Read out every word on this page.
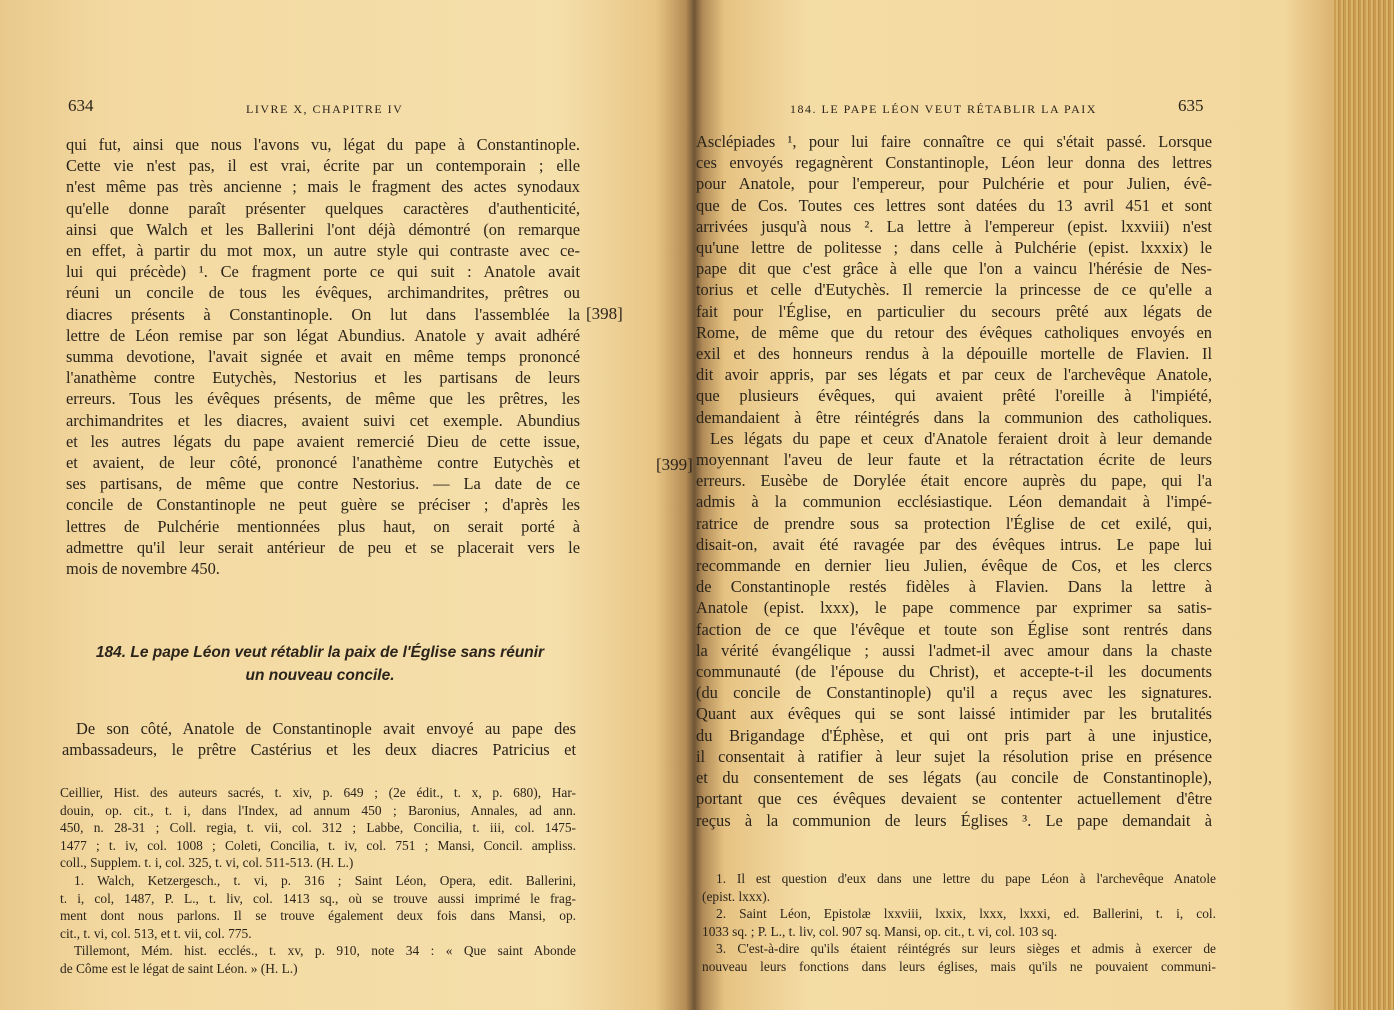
634	LIVRE X, CHAPITRE IV
qui fut, ainsi que nous l'avons vu, légat du pape à Constantinople.
Cette vie n'est pas, il est vrai, écrite par un contemporain ; elle
n'est même pas très ancienne ; mais le fragment des actes synodaux
qu'elle donne paraît présenter quelques caractères d'authenticité,
ainsi que Walch et les Ballerini l'ont déjà démontré (on remarque
en effet, à partir du mot mox, un autre style qui contraste avec ce-
lui qui précède) ¹. Ce fragment porte ce qui suit : Anatole avait
réuni un concile de tous les évêques, archimandrites, prêtres ou
diacres présents à Constantinople. On lut dans l'assemblée la
lettre de Léon remise par son légat Abundius. Anatole y avait adhéré
summa devotione, l'avait signée et avait en même temps prononcé
l'anathème contre Eutychès, Nestorius et les partisans de leurs
erreurs. Tous les évêques présents, de même que les prêtres, les
archimandrites et les diacres, avaient suivi cet exemple. Abundius
et les autres légats du pape avaient remercié Dieu de cette issue,
et avaient, de leur côté, prononcé l'anathème contre Eutychès et
ses partisans, de même que contre Nestorius. — La date de ce
concile de Constantinople ne peut guère se préciser ; d'après les
lettres de Pulchérie mentionnées plus haut, on serait porté à
admettre qu'il leur serait antérieur de peu et se placerait vers le
mois de novembre 450.
[398]
184. Le pape Léon veut rétablir la paix de l'Église sans réunir
un nouveau concile.
De son côté, Anatole de Constantinople avait envoyé au pape des
ambassadeurs, le prêtre Castérius et les deux diacres Patricius et
Ceillier, Hist. des auteurs sacrés, t. xiv, p. 649 ; (2e édit., t. x, p. 680), Har-
douin, op. cit., t. i, dans l'Index, ad annum 450 ; Baronius, Annales, ad ann.
450, n. 28-31 ; Coll. regia, t. vii, col. 312 ; Labbe, Concilia, t. iii, col. 1475-
1477 ; t. iv, col. 1008 ; Coleti, Concilia, t. iv, col. 751 ; Mansi, Concil. ampliss.
coll., Supplem. t. i, col. 325, t. vi, col. 511-513. (H. L.)
1. Walch, Ketzergesch., t. vi, p. 316 ; Saint Léon, Opera, edit. Ballerini,
t. i, col, 1487, P. L., t. liv, col. 1413 sq., où se trouve aussi imprimé le frag-
ment dont nous parlons. Il se trouve également deux fois dans Mansi, op.
cit., t. vi, col. 513, et t. vii, col. 775.
Tillemont, Mém. hist. ecclés., t. xv, p. 910, note 34 : « Que saint Abonde
de Côme est le légat de saint Léon. » (H. L.)
184. LE PAPE LÉON VEUT RÉTABLIR LA PAIX	635
[399]
Asclépiades ¹, pour lui faire connaître ce qui s'était passé. Lorsque
ces envoyés regagnèrent Constantinople, Léon leur donna des lettres
pour Anatole, pour l'empereur, pour Pulchérie et pour Julien, évê-
que de Cos. Toutes ces lettres sont datées du 13 avril 451 et sont
arrivées jusqu'à nous ². La lettre à l'empereur (epist. lxxviii) n'est
qu'une lettre de politesse ; dans celle à Pulchérie (epist. lxxxix) le
pape dit que c'est grâce à elle que l'on a vaincu l'hérésie de Nes-
torius et celle d'Eutychès. Il remercie la princesse de ce qu'elle a
fait pour l'Église, en particulier du secours prêté aux légats de
Rome, de même que du retour des évêques catholiques envoyés en
exil et des honneurs rendus à la dépouille mortelle de Flavien. Il
dit avoir appris, par ses légats et par ceux de l'archevêque Anatole,
que plusieurs évêques, qui avaient prêté l'oreille à l'impiété,
demandaient à être réintégrés dans la communion des catholiques.
Les légats du pape et ceux d'Anatole feraient droit à leur demande
moyennant l'aveu de leur faute et la rétractation écrite de leurs
erreurs. Eusèbe de Dorylée était encore auprès du pape, qui l'a
admis à la communion ecclésiastique. Léon demandait à l'impé-
ratrice de prendre sous sa protection l'Église de cet exilé, qui,
disait-on, avait été ravagée par des évêques intrus. Le pape lui
recommande en dernier lieu Julien, évêque de Cos, et les clercs
de Constantinople restés fidèles à Flavien. Dans la lettre à
Anatole (epist. lxxx), le pape commence par exprimer sa satis-
faction de ce que l'évêque et toute son Église sont rentrés dans
la vérité évangélique ; aussi l'admet-il avec amour dans la chaste
communauté (de l'épouse du Christ), et accepte-t-il les documents
(du concile de Constantinople) qu'il a reçus avec les signatures.
Quant aux évêques qui se sont laissé intimider par les brutalités
du Brigandage d'Éphèse, et qui ont pris part à une injustice,
il consentait à ratifier à leur sujet la résolution prise en présence
et du consentement de ses légats (au concile de Constantinople),
portant que ces évêques devaient se contenter actuellement d'être
reçus à la communion de leurs Églises ³. Le pape demandait à
1. Il est question d'eux dans une lettre du pape Léon à l'archevêque Anatole
(epist. lxxx).
2. Saint Léon, Epistolæ lxxviii, lxxix, lxxx, lxxxi, ed. Ballerini, t. i, col.
1033 sq. ; P. L., t. liv, col. 907 sq. Mansi, op. cit., t. vi, col. 103 sq.
3. C'est-à-dire qu'ils étaient réintégrés sur leurs sièges et admis à exercer de
nouveau leurs fonctions dans leurs églises, mais qu'ils ne pouvaient communi-
